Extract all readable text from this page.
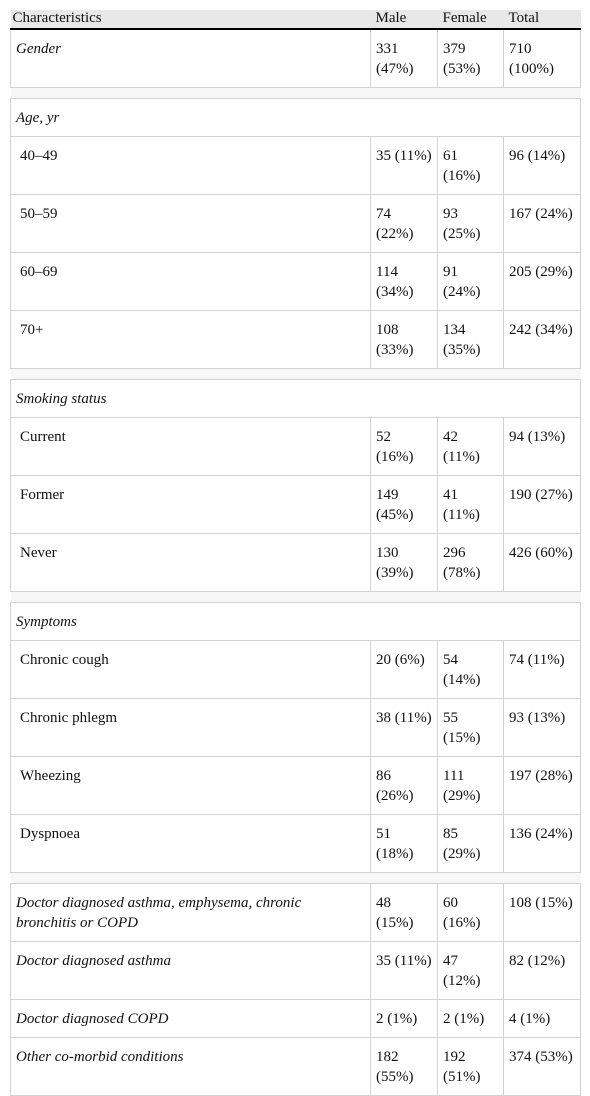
Characteristics	Male	Female	Total
Gender	331 (47%)	379 (53%)	710 (100%)

Age, yr			
40–49	35 (11%)	61 (16%)	96 (14%)
50–59	74 (22%)	93 (25%)	167 (24%)
60–69	114 (34%)	91 (24%)	205 (29%)
70+	108 (33%)	134 (35%)	242 (34%)

Smoking status			
Current	52 (16%)	42 (11%)	94 (13%)
Former	149 (45%)	41 (11%)	190 (27%)
Never	130 (39%)	296 (78%)	426 (60%)

Symptoms			
Chronic cough	20 (6%)	54 (14%)	74 (11%)
Chronic phlegm	38 (11%)	55 (15%)	93 (13%)
Wheezing	86 (26%)	111 (29%)	197 (28%)
Dyspnoea	51 (18%)	85 (29%)	136 (24%)

Doctor diagnosed asthma, emphysema, chronic bronchitis or COPD	48 (15%)	60 (16%)	108 (15%)
Doctor diagnosed asthma	35 (11%)	47 (12%)	82 (12%)
Doctor diagnosed COPD	2 (1%)	2 (1%)	4 (1%)
Other co-morbid conditions	182 (55%)	192 (51%)	374 (53%)
